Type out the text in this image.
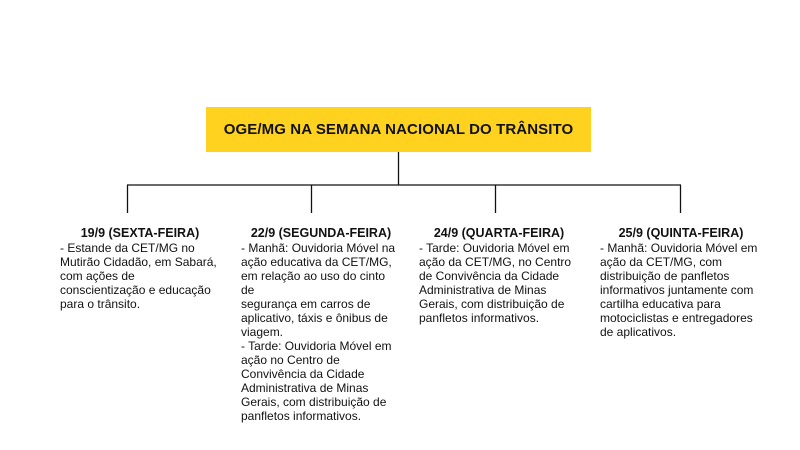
OGE/MG NA SEMANA NACIONAL DO TRÂNSITO
19/9 (SEXTA-FEIRA)
- Estande da CET/MG no
Mutirão Cidadão, em Sabará,
com ações de
conscientização e educação
para o trânsito.
22/9 (SEGUNDA-FEIRA)
- Manhã: Ouvidoria Móvel na
ação educativa da CET/MG,
em relação ao uso do cinto de
segurança em carros de
aplicativo, táxis e ônibus de
viagem.
- Tarde: Ouvidoria Móvel em
ação no Centro de
Convivência da Cidade
Administrativa de Minas
Gerais, com distribuição de
panfletos informativos.
24/9 (QUARTA-FEIRA)
- Tarde: Ouvidoria Móvel em
ação da CET/MG, no Centro
de Convivência da Cidade
Administrativa de Minas
Gerais, com distribuição de
panfletos informativos.
25/9 (QUINTA-FEIRA)
- Manhã: Ouvidoria Móvel em
ação da CET/MG, com
distribuição de panfletos
informativos juntamente com
cartilha educativa para
motociclistas e entregadores
de aplicativos.
